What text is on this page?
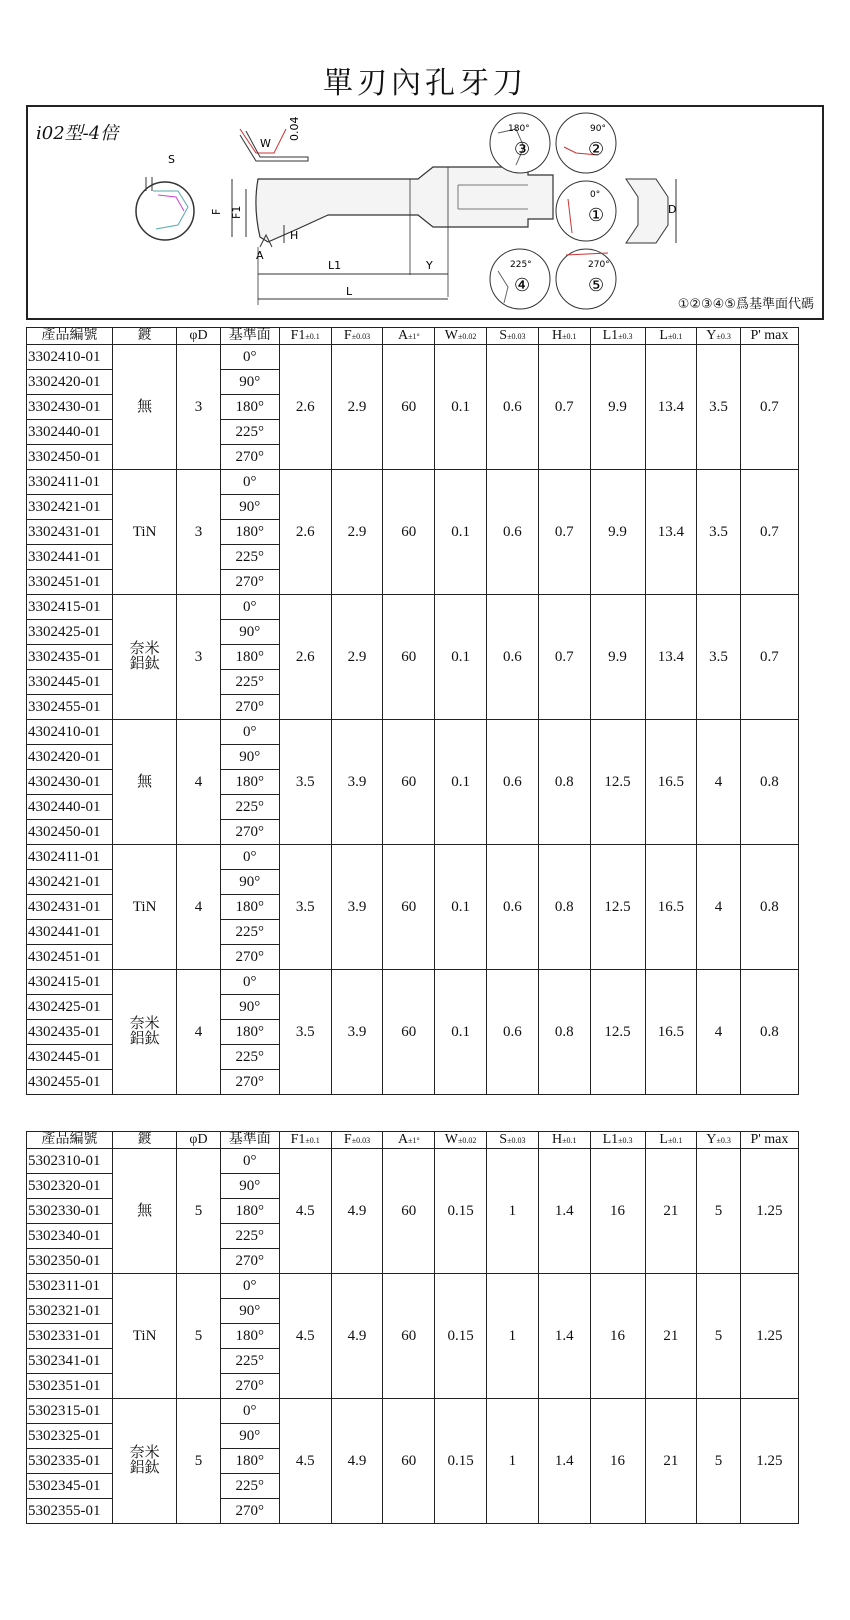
單刃內孔牙刀
i02型-4倍
S
W
0.04
F F1
H
A
L1	Y
L
D
180°
③
90°
②
0°
①
225°
④
270°
⑤
①②③④⑤爲基準面代碼
產品編號	鍍	φD	基準面	F1±0.1	F±0.03	A±1°	W±0.02	S±0.03	H±0.1	L1±0.3	L±0.1	Y±0.3	P' max
3302410-01	無	3	0°	2.6	2.9	60	0.1	0.6	0.7	9.9	13.4	3.5	0.7
3302420-01			90°										
3302430-01			180°										
3302440-01			225°										
3302450-01			270°										
3302411-01	TiN	3	0°	2.6	2.9	60	0.1	0.6	0.7	9.9	13.4	3.5	0.7
3302421-01			90°										
3302431-01			180°										
3302441-01			225°										
3302451-01			270°										
3302415-01	奈米
鋁鈦	3	0°	2.6	2.9	60	0.1	0.6	0.7	9.9	13.4	3.5	0.7
3302425-01			90°										
3302435-01			180°										
3302445-01			225°										
3302455-01			270°										
4302410-01	無	4	0°	3.5	3.9	60	0.1	0.6	0.8	12.5	16.5	4	0.8
4302420-01			90°										
4302430-01			180°										
4302440-01			225°										
4302450-01			270°										
4302411-01	TiN	4	0°	3.5	3.9	60	0.1	0.6	0.8	12.5	16.5	4	0.8
4302421-01			90°										
4302431-01			180°										
4302441-01			225°										
4302451-01			270°										
4302415-01	奈米
鋁鈦	4	0°	3.5	3.9	60	0.1	0.6	0.8	12.5	16.5	4	0.8
4302425-01			90°										
4302435-01			180°										
4302445-01			225°										
4302455-01			270°										
產品編號	鍍	φD	基準面	F1±0.1	F±0.03	A±1°	W±0.02	S±0.03	H±0.1	L1±0.3	L±0.1	Y±0.3	P' max
5302310-01	無	5	0°	4.5	4.9	60	0.15	1	1.4	16	21	5	1.25
5302320-01			90°										
5302330-01			180°										
5302340-01			225°										
5302350-01			270°										
5302311-01	TiN	5	0°	4.5	4.9	60	0.15	1	1.4	16	21	5	1.25
5302321-01			90°										
5302331-01			180°										
5302341-01			225°										
5302351-01			270°										
5302315-01	奈米
鋁鈦	5	0°	4.5	4.9	60	0.15	1	1.4	16	21	5	1.25
5302325-01			90°										
5302335-01			180°										
5302345-01			225°										
5302355-01			270°										
